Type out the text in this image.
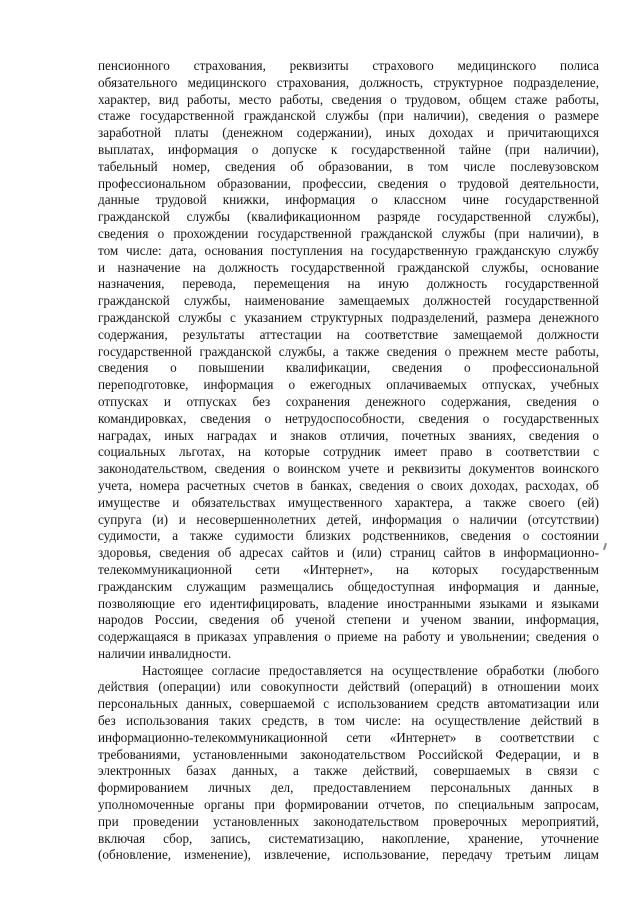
пенсионного страхования, реквизиты страхового медицинского полиса
обязательного медицинского страхования, должность, структурное подразделение,
характер, вид работы, место работы, сведения о трудовом, общем стаже работы,
стаже государственной гражданской службы (при наличии), сведения о размере
заработной платы (денежном содержании), иных доходах и причитающихся
выплатах, информация о допуске к государственной тайне (при наличии),
табельный номер, сведения об образовании, в том числе послевузовском
профессиональном образовании, профессии, сведения о трудовой деятельности,
данные трудовой книжки, информация о классном чине государственной
гражданской службы (квалификационном разряде государственной службы),
сведения о прохождении государственной гражданской службы (при наличии), в
том числе: дата, основания поступления на государственную гражданскую службу
и назначение на должность государственной гражданской службы, основание
назначения, перевода, перемещения на иную должность государственной
гражданской службы, наименование замещаемых должностей государственной
гражданской службы с указанием структурных подразделений, размера денежного
содержания, результаты аттестации на соответствие замещаемой должности
государственной гражданской службы, а также сведения о прежнем месте работы,
сведения о повышении квалификации, сведения о профессиональной
переподготовке, информация о ежегодных оплачиваемых отпусках, учебных
отпусках и отпусках без сохранения денежного содержания, сведения о
командировках, сведения о нетрудоспособности, сведения о государственных
наградах, иных наградах и знаков отличия, почетных званиях, сведения о
социальных льготах, на которые сотрудник имеет право в соответствии с
законодательством, сведения о воинском учете и реквизиты документов воинского
учета, номера расчетных счетов в банках, сведения о своих доходах, расходах, об
имуществе и обязательствах имущественного характера, а также своего (ей)
супруга (и) и несовершеннолетних детей, информация о наличии (отсутствии)
судимости, а также судимости близких родственников, сведения о состоянии
здоровья, сведения об адресах сайтов и (или) страниц сайтов в информационно-
телекоммуникационной сети «Интернет», на которых государственным
гражданским служащим размещались общедоступная информация и данные,
позволяющие его идентифицировать, владение иностранными языками и языками
народов России, сведения об ученой степени и ученом звании, информация,
содержащаяся в приказах управления о приеме на работу и увольнении; сведения о
наличии инвалидности.
Настоящее согласие предоставляется на осуществление обработки (любого
действия (операции) или совокупности действий (операций) в отношении моих
персональных данных, совершаемой с использованием средств автоматизации или
без использования таких средств, в том числе: на осуществление действий в
информационно-телекоммуникационной сети «Интернет» в соответствии с
требованиями, установленными законодательством Российской Федерации, и в
электронных базах данных, а также действий, совершаемых в связи с
формированием личных дел, предоставлением персональных данных в
уполномоченные органы при формировании отчетов, по специальным запросам,
при проведении установленных законодательством проверочных мероприятий,
включая сбор, запись, систематизацию, накопление, хранение, уточнение
(обновление, изменение), извлечение, использование, передачу третьим лицам
